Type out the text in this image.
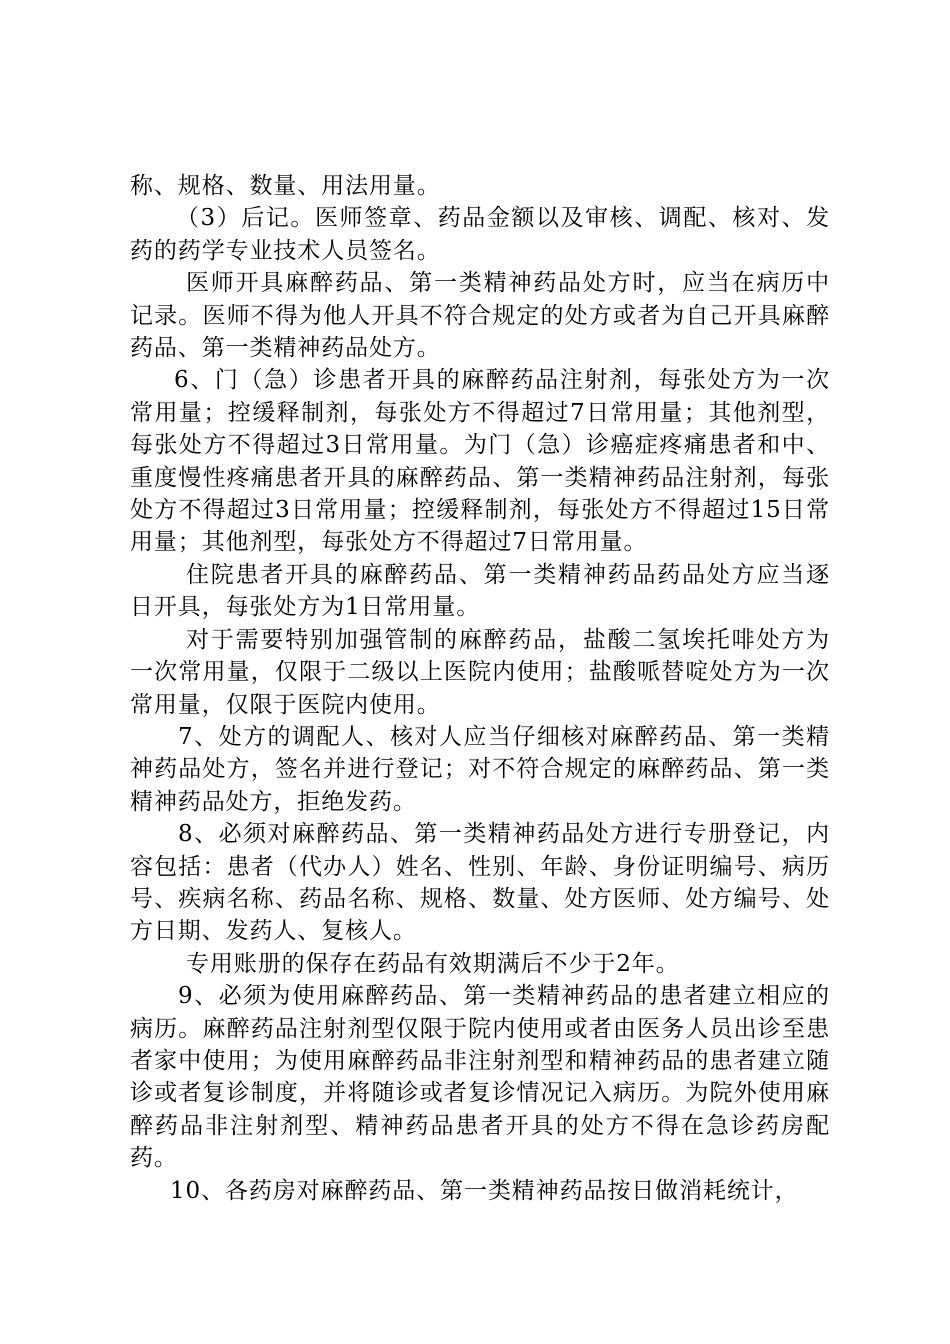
称、规格、数量、用法用量。

（3）后记。医师签章、药品金额以及审核、调配、核对、发药的药学专业技术人员签名。

医师开具麻醉药品、第一类精神药品处方时，应当在病历中记录。医师不得为他人开具不符合规定的处方或者为自己开具麻醉药品、第一类精神药品处方。

6、门（急）诊患者开具的麻醉药品注射剂，每张处方为一次常用量；控缓释制剂，每张处方不得超过7日常用量；其他剂型，每张处方不得超过3日常用量。为门（急）诊癌症疼痛患者和中、重度慢性疼痛患者开具的麻醉药品、第一类精神药品注射剂，每张处方不得超过3日常用量；控缓释制剂，每张处方不得超过15日常用量；其他剂型，每张处方不得超过7日常用量。

住院患者开具的麻醉药品、第一类精神药品药品处方应当逐日开具，每张处方为1日常用量。

对于需要特别加强管制的麻醉药品，盐酸二氢埃托啡处方为一次常用量，仅限于二级以上医院内使用；盐酸哌替啶处方为一次常用量，仅限于医院内使用。

7、处方的调配人、核对人应当仔细核对麻醉药品、第一类精神药品处方，签名并进行登记；对不符合规定的麻醉药品、第一类精神药品处方，拒绝发药。

8、必须对麻醉药品、第一类精神药品处方进行专册登记，内容包括：患者（代办人）姓名、性别、年龄、身份证明编号、病历号、疾病名称、药品名称、规格、数量、处方医师、处方编号、处方日期、发药人、复核人。

专用账册的保存在药品有效期满后不少于2年。

9、必须为使用麻醉药品、第一类精神药品的患者建立相应的病历。麻醉药品注射剂型仅限于院内使用或者由医务人员出诊至患者家中使用；为使用麻醉药品非注射剂型和精神药品的患者建立随诊或者复诊制度，并将随诊或者复诊情况记入病历。为院外使用麻醉药品非注射剂型、精神药品患者开具的处方不得在急诊药房配药。

10、各药房对麻醉药品、第一类精神药品按日做消耗统计，
